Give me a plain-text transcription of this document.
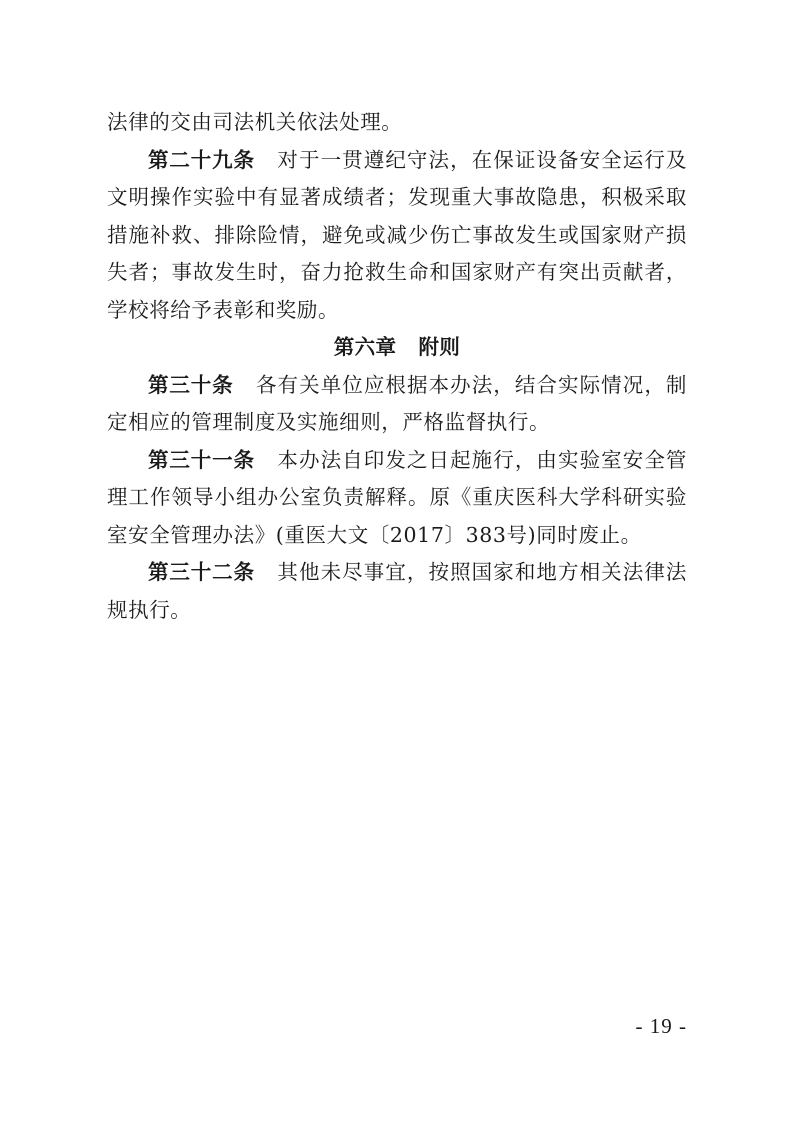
法律的交由司法机关依法处理。

第二十九条 对于一贯遵纪守法，在保证设备安全运行及文明操作实验中有显著成绩者；发现重大事故隐患，积极采取措施补救、排除险情，避免或减少伤亡事故发生或国家财产损失者；事故发生时，奋力抢救生命和国家财产有突出贡献者，学校将给予表彰和奖励。

第六章 附则

第三十条 各有关单位应根据本办法，结合实际情况，制定相应的管理制度及实施细则，严格监督执行。

第三十一条 本办法自印发之日起施行，由实验室安全管理工作领导小组办公室负责解释。原《重庆医科大学科研实验室安全管理办法》(重医大文〔2017〕383号)同时废止。

第三十二条 其他未尽事宜，按照国家和地方相关法律法规执行。

- 19 -
